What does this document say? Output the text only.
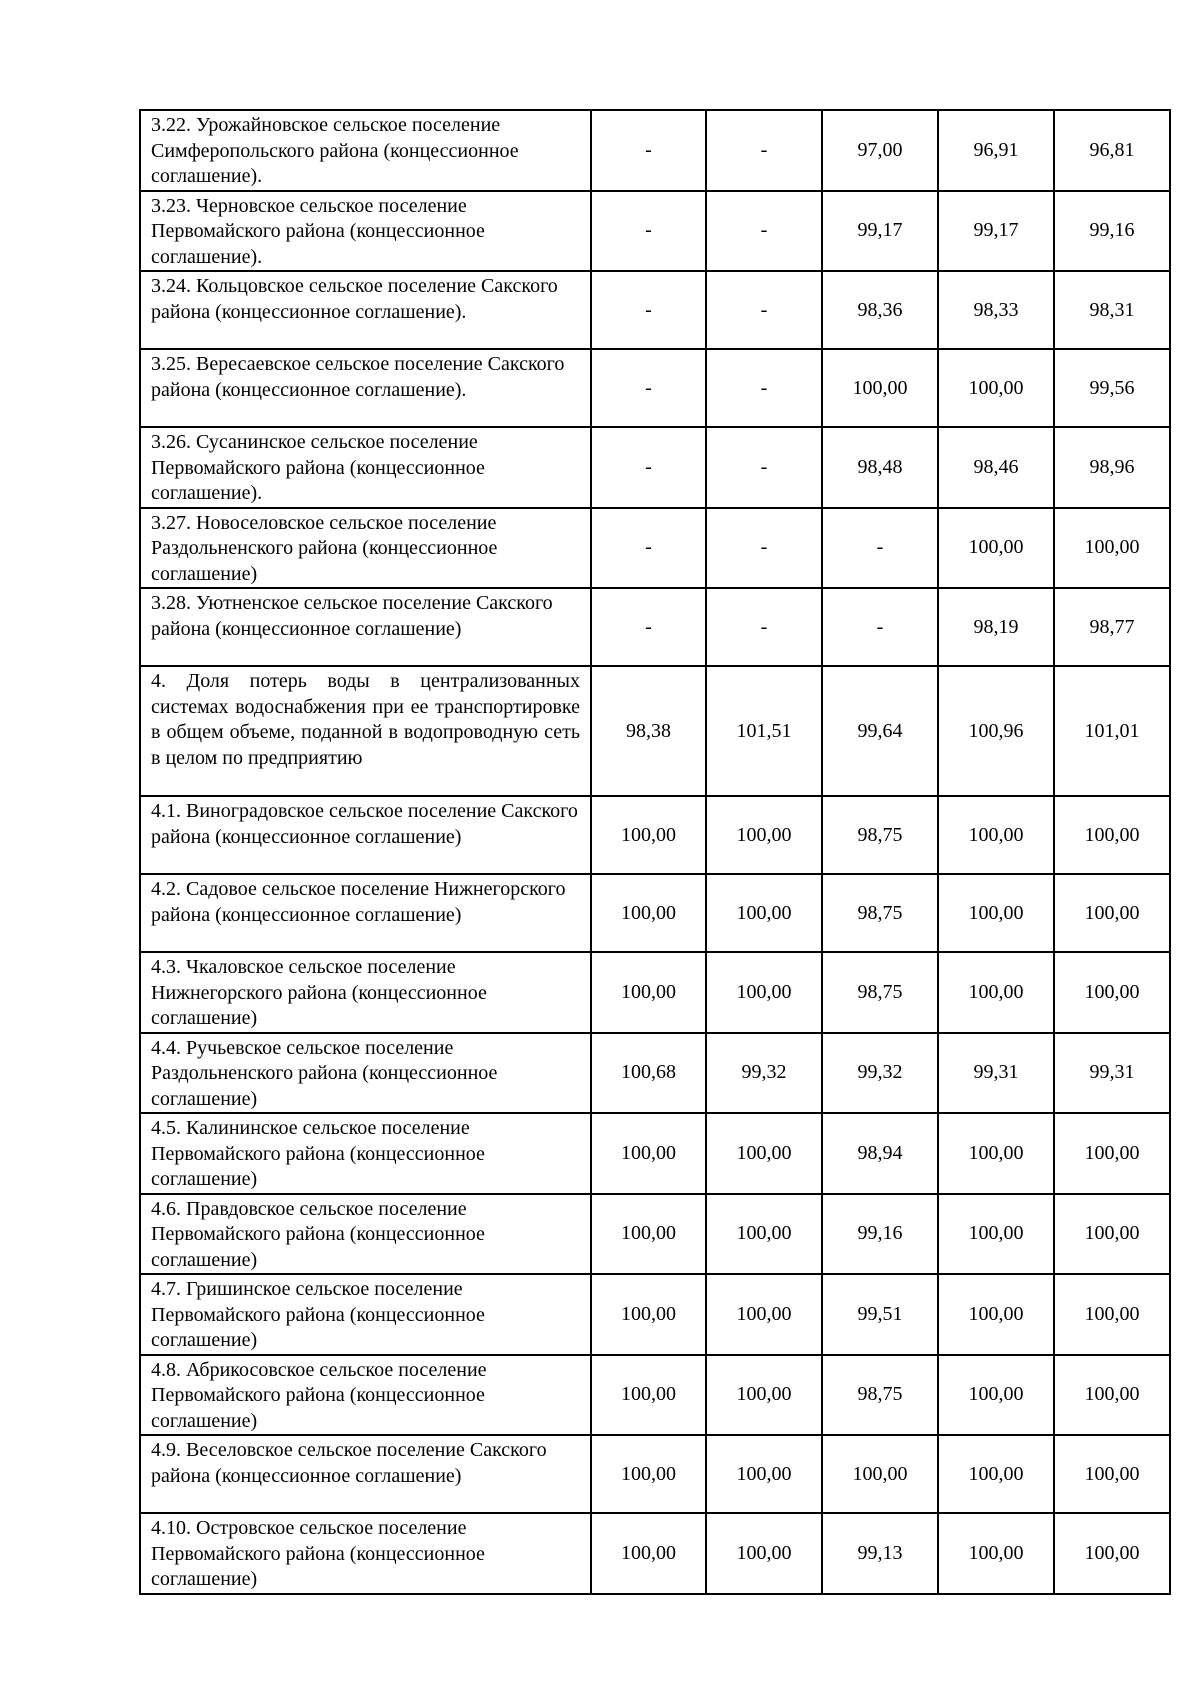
3.22. Урожайновское сельское поселение Симферопольского района (концессионное соглашение).	-	-	97,00	96,91	96,81
3.23. Черновское сельское поселение Первомайского района (концессионное соглашение).	-	-	99,17	99,17	99,16
3.24. Кольцовское сельское поселение Сакского района (концессионное соглашение).	-	-	98,36	98,33	98,31
3.25. Вересаевское сельское поселение Сакского района (концессионное соглашение).	-	-	100,00	100,00	99,56
3.26. Сусанинское сельское поселение Первомайского района (концессионное соглашение).	-	-	98,48	98,46	98,96
3.27. Новоселовское сельское поселение Раздольненского района (концессионное соглашение)	-	-	-	100,00	100,00
3.28. Уютненское сельское поселение Сакского района (концессионное соглашение)	-	-	-	98,19	98,77
4. Доля потерь воды в централизованных системах водоснабжения при ее транспортировке в общем объеме, поданной в водопроводную сеть в целом по предприятию	98,38	101,51	99,64	100,96	101,01
4.1. Виноградовское сельское поселение Сакского района (концессионное соглашение)	100,00	100,00	98,75	100,00	100,00
4.2. Садовое сельское поселение Нижнегорского района (концессионное соглашение)	100,00	100,00	98,75	100,00	100,00
4.3. Чкаловское сельское поселение Нижнегорского района (концессионное соглашение)	100,00	100,00	98,75	100,00	100,00
4.4. Ручьевское сельское поселение Раздольненского района (концессионное соглашение)	100,68	99,32	99,32	99,31	99,31
4.5. Калининское сельское поселение Первомайского района (концессионное соглашение)	100,00	100,00	98,94	100,00	100,00
4.6. Правдовское сельское поселение Первомайского района (концессионное соглашение)	100,00	100,00	99,16	100,00	100,00
4.7. Гришинское сельское поселение Первомайского района (концессионное соглашение)	100,00	100,00	99,51	100,00	100,00
4.8. Абрикосовское сельское поселение Первомайского района (концессионное соглашение)	100,00	100,00	98,75	100,00	100,00
4.9. Веселовское сельское поселение Сакского района (концессионное соглашение)	100,00	100,00	100,00	100,00	100,00
4.10. Островское сельское поселение Первомайского района (концессионное соглашение)	100,00	100,00	99,13	100,00	100,00
